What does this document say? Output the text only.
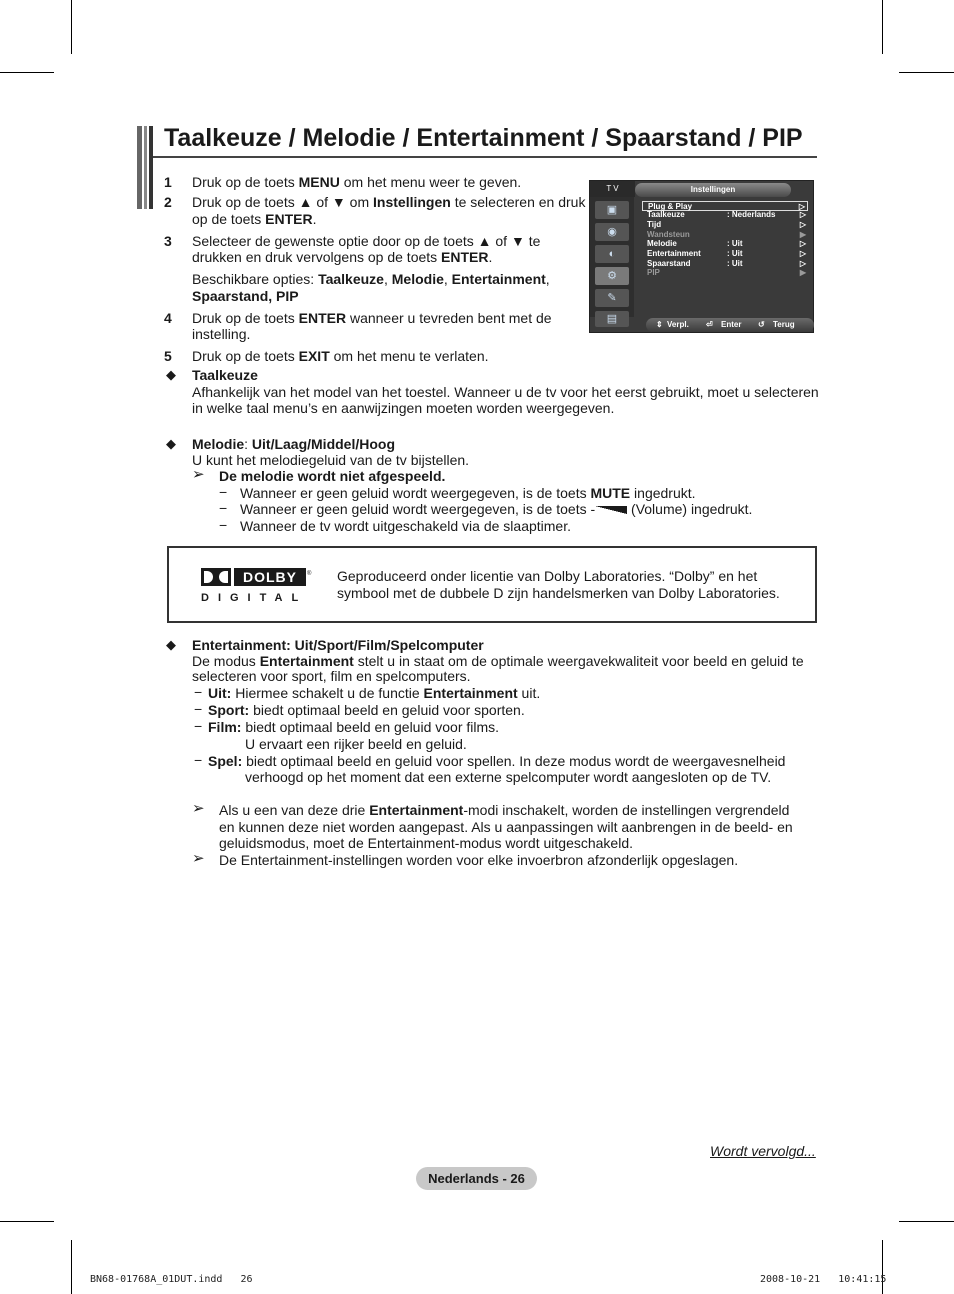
Taalkeuze / Melodie / Entertainment / Spaarstand / PIP
1 Druk op de toets MENU om het menu weer te geven.
2 Druk op de toets ▲ of ▼ om Instellingen te selecteren en druk
op de toets ENTER.
3 Selecteer de gewenste optie door op de toets ▲ of ▼ te
drukken en druk vervolgens op de toets ENTER.
Beschikbare opties: Taalkeuze, Melodie, Entertainment,
Spaarstand, PIP
4 Druk op de toets ENTER wanneer u tevreden bent met de
instelling.
5 Druk op de toets EXIT om het menu te verlaten.
T V	Instellingen
▣
◉
◐
⚙
✎
▤
Plug & Play	▷
Taalkeuze	: Nederlands	▷
Tijd	▷
Wandsteun	▶
Melodie	: Uit	▷
Entertainment	: Uit	▷
Spaarstand	: Uit	▷
PIP	▶
⇕ Verpl. ⏎ Enter ↺ Terug
◆ Taalkeuze
Afhankelijk van het model van het toestel. Wanneer u de tv voor het eerst gebruikt, moet u selecteren
in welke taal menu’s en aanwijzingen moeten worden weergegeven.
◆ Melodie: Uit/Laag/Middel/Hoog
U kunt het melodiegeluid van de tv bijstellen.
➢ De melodie wordt niet afgespeeld.
− Wanneer er geen geluid wordt weergegeven, is de toets MUTE ingedrukt.
− Wanneer er geen geluid wordt weergegeven, is de toets - (Volume) ingedrukt.
− Wanneer de tv wordt uitgeschakeld via de slaaptimer.
DOLBY	®
DIGITAL
Geproduceerd onder licentie van Dolby Laboratories. “Dolby” en het
symbool met de dubbele D zijn handelsmerken van Dolby Laboratories.
◆ Entertainment: Uit/Sport/Film/Spelcomputer
De modus Entertainment stelt u in staat om de optimale weergavekwaliteit voor beeld en geluid te
selecteren voor sport, film en spelcomputers.
− Uit: Hiermee schakelt u de functie Entertainment uit.
− Sport: biedt optimaal beeld en geluid voor sporten.
− Film: biedt optimaal beeld en geluid voor films.
U ervaart een rijker beeld en geluid.
− Spel: biedt optimaal beeld en geluid voor spellen. In deze modus wordt de weergavesnelheid
verhoogd op het moment dat een externe spelcomputer wordt aangesloten op de TV.
➢ Als u een van deze drie Entertainment-modi inschakelt, worden de instellingen vergrendeld
en kunnen deze niet worden aangepast. Als u aanpassingen wilt aanbrengen in de beeld- en
geluidsmodus, moet de Entertainment-modus wordt uitgeschakeld.
➢ De Entertainment-instellingen worden voor elke invoerbron afzonderlijk opgeslagen.
Wordt vervolgd...
Nederlands - 26
BN68-01768A_01DUT.indd   26	2008-10-21   10:41:15
